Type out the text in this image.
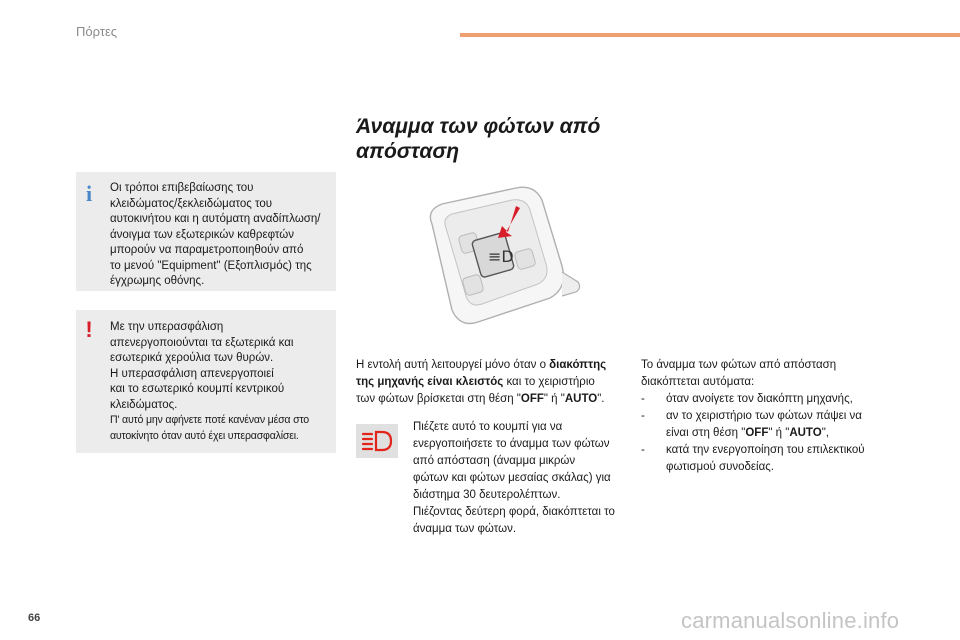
Πόρτες
Άναμμα των φώτων από
απόσταση
i Οι τρόποι επιβεβαίωσης του
κλειδώματος/ξεκλειδώματος του
αυτοκινήτου και η αυτόματη αναδίπλωση/
άνοιγμα των εξωτερικών καθρεφτών
μπορούν να παραμετροποιηθούν από
το μενού "Equipment" (Εξοπλισμός) της
έγχρωμης οθόνης.
! Με την υπερασφάλιση
απενεργοποιούνται τα εξωτερικά και
εσωτερικά χερούλια των θυρών.
Η υπερασφάλιση απενεργοποιεί
και το εσωτερικό κουμπί κεντρικού
κλειδώματος.
Π' αυτό μην αφήνετε ποτέ κανέναν μέσα στο
αυτοκίνητο όταν αυτό έχει υπερασφαλίσει.
≡D
Η εντολή αυτή λειτουργεί μόνο όταν ο διακόπτης
της μηχανής είναι κλειστός και το χειριστήριο
των φώτων βρίσκεται στη θέση "OFF" ή "AUTO".
Πιέζετε αυτό το κουμπί για να
ενεργοποιήσετε το άναμμα των φώτων
από απόσταση (άναμμα μικρών
φώτων και φώτων μεσαίας σκάλας) για
διάστημα 30 δευτερολέπτων.
Πιέζοντας δεύτερη φορά, διακόπτεται το
άναμμα των φώτων.
Το άναμμα των φώτων από απόσταση
διακόπτεται αυτόματα:
- όταν ανοίγετε τον διακόπτη μηχανής,
- αν το χειριστήριο των φώτων πάψει να
είναι στη θέση "OFF" ή "AUTO",
- κατά την ενεργοποίηση του επιλεκτικού
φωτισμού συνοδείας.
66	carmanualsonline.info
